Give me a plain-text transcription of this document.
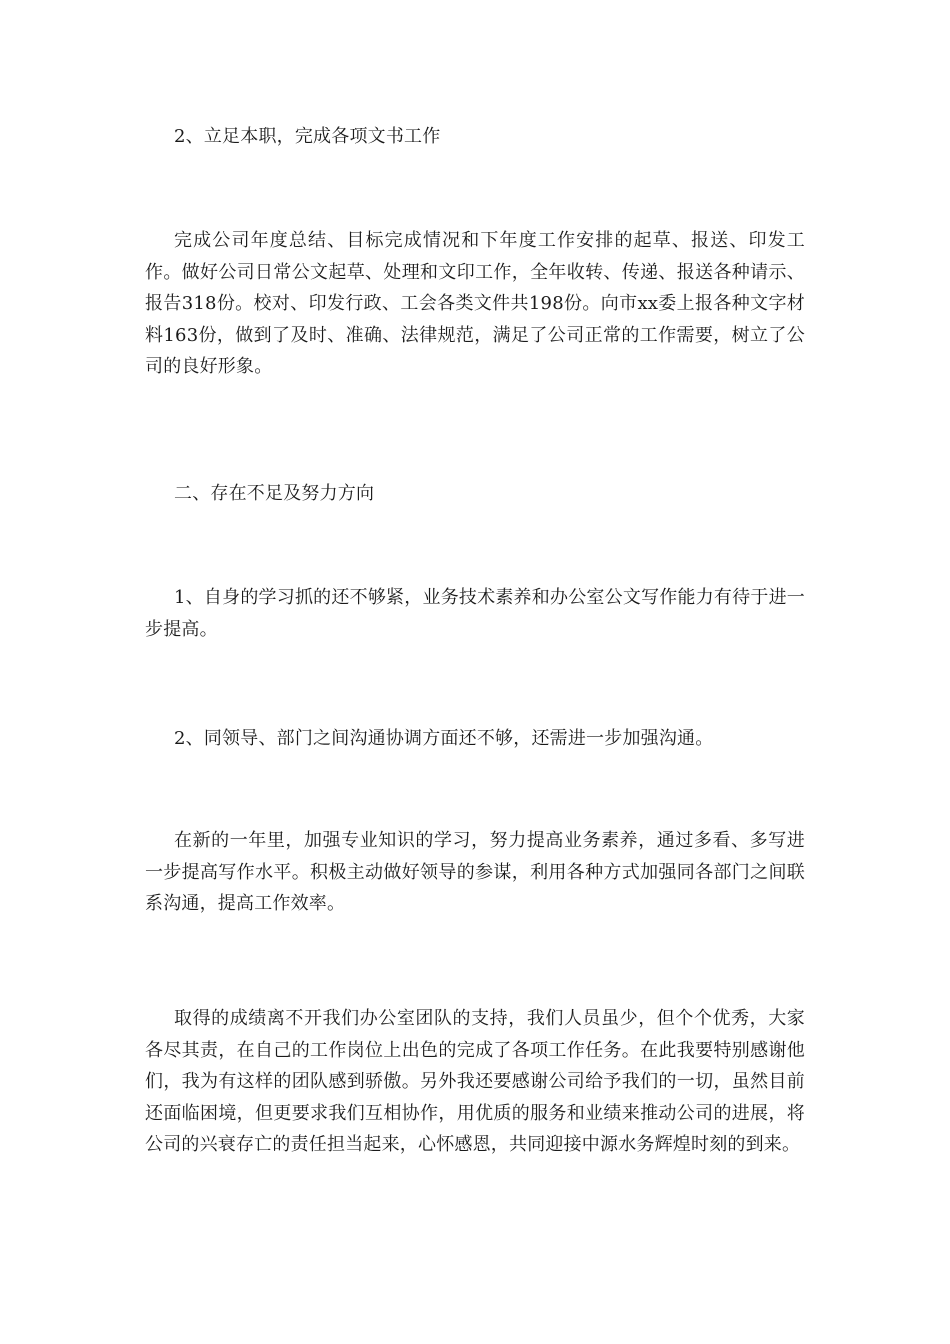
2、立足本职，完成各项文书工作

完成公司年度总结、目标完成情况和下年度工作安排的起草、报送、印发工作。做好公司日常公文起草、处理和文印工作，全年收转、传递、报送各种请示、报告318份。校对、印发行政、工会各类文件共198份。向市xx委上报各种文字材料163份，做到了及时、准确、法律规范，满足了公司正常的工作需要，树立了公司的良好形象。

二、存在不足及努力方向

1、自身的学习抓的还不够紧，业务技术素养和办公室公文写作能力有待于进一步提高。

2、同领导、部门之间沟通协调方面还不够，还需进一步加强沟通。

在新的一年里，加强专业知识的学习，努力提高业务素养，通过多看、多写进一步提高写作水平。积极主动做好领导的参谋，利用各种方式加强同各部门之间联系沟通，提高工作效率。

取得的成绩离不开我们办公室团队的支持，我们人员虽少，但个个优秀，大家各尽其责，在自己的工作岗位上出色的完成了各项工作任务。在此我要特别感谢他们，我为有这样的团队感到骄傲。另外我还要感谢公司给予我们的一切，虽然目前还面临困境，但更要求我们互相协作，用优质的服务和业绩来推动公司的进展，将公司的兴衰存亡的责任担当起来，心怀感恩，共同迎接中源水务辉煌时刻的到来。
